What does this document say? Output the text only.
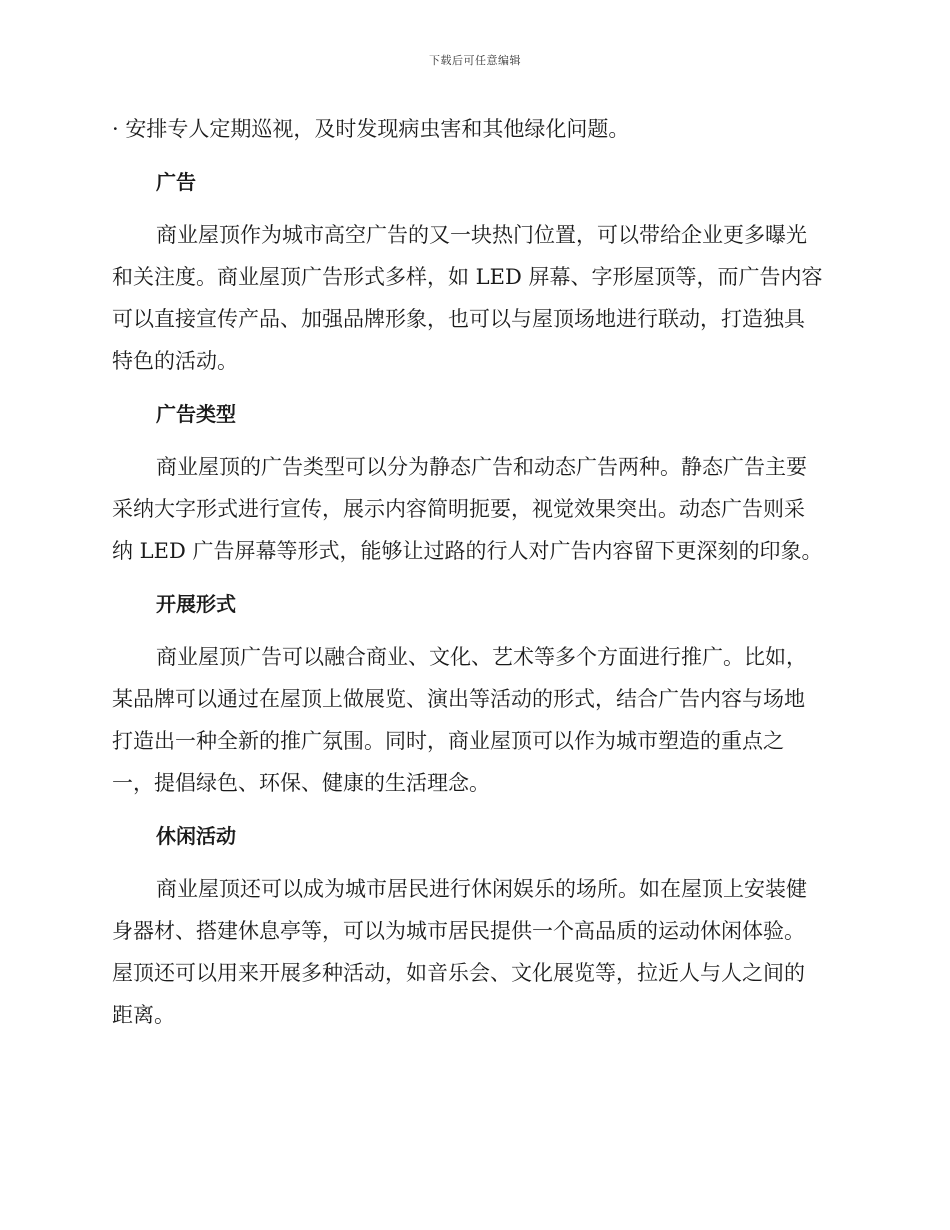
下载后可任意编辑

· 安排专人定期巡视，及时发现病虫害和其他绿化问题。

广告

商业屋顶作为城市高空广告的又一块热门位置，可以带给企业更多曝光
和关注度。商业屋顶广告形式多样，如 LED 屏幕、字形屋顶等，而广告内容
可以直接宣传产品、加强品牌形象，也可以与屋顶场地进行联动，打造独具
特色的活动。

广告类型

商业屋顶的广告类型可以分为静态广告和动态广告两种。静态广告主要
采纳大字形式进行宣传，展示内容简明扼要，视觉效果突出。动态广告则采
纳 LED 广告屏幕等形式，能够让过路的行人对广告内容留下更深刻的印象。

开展形式

商业屋顶广告可以融合商业、文化、艺术等多个方面进行推广。比如，
某品牌可以通过在屋顶上做展览、演出等活动的形式，结合广告内容与场地
打造出一种全新的推广氛围。同时，商业屋顶可以作为城市塑造的重点之
一，提倡绿色、环保、健康的生活理念。

休闲活动

商业屋顶还可以成为城市居民进行休闲娱乐的场所。如在屋顶上安装健
身器材、搭建休息亭等，可以为城市居民提供一个高品质的运动休闲体验。
屋顶还可以用来开展多种活动，如音乐会、文化展览等，拉近人与人之间的
距离。
